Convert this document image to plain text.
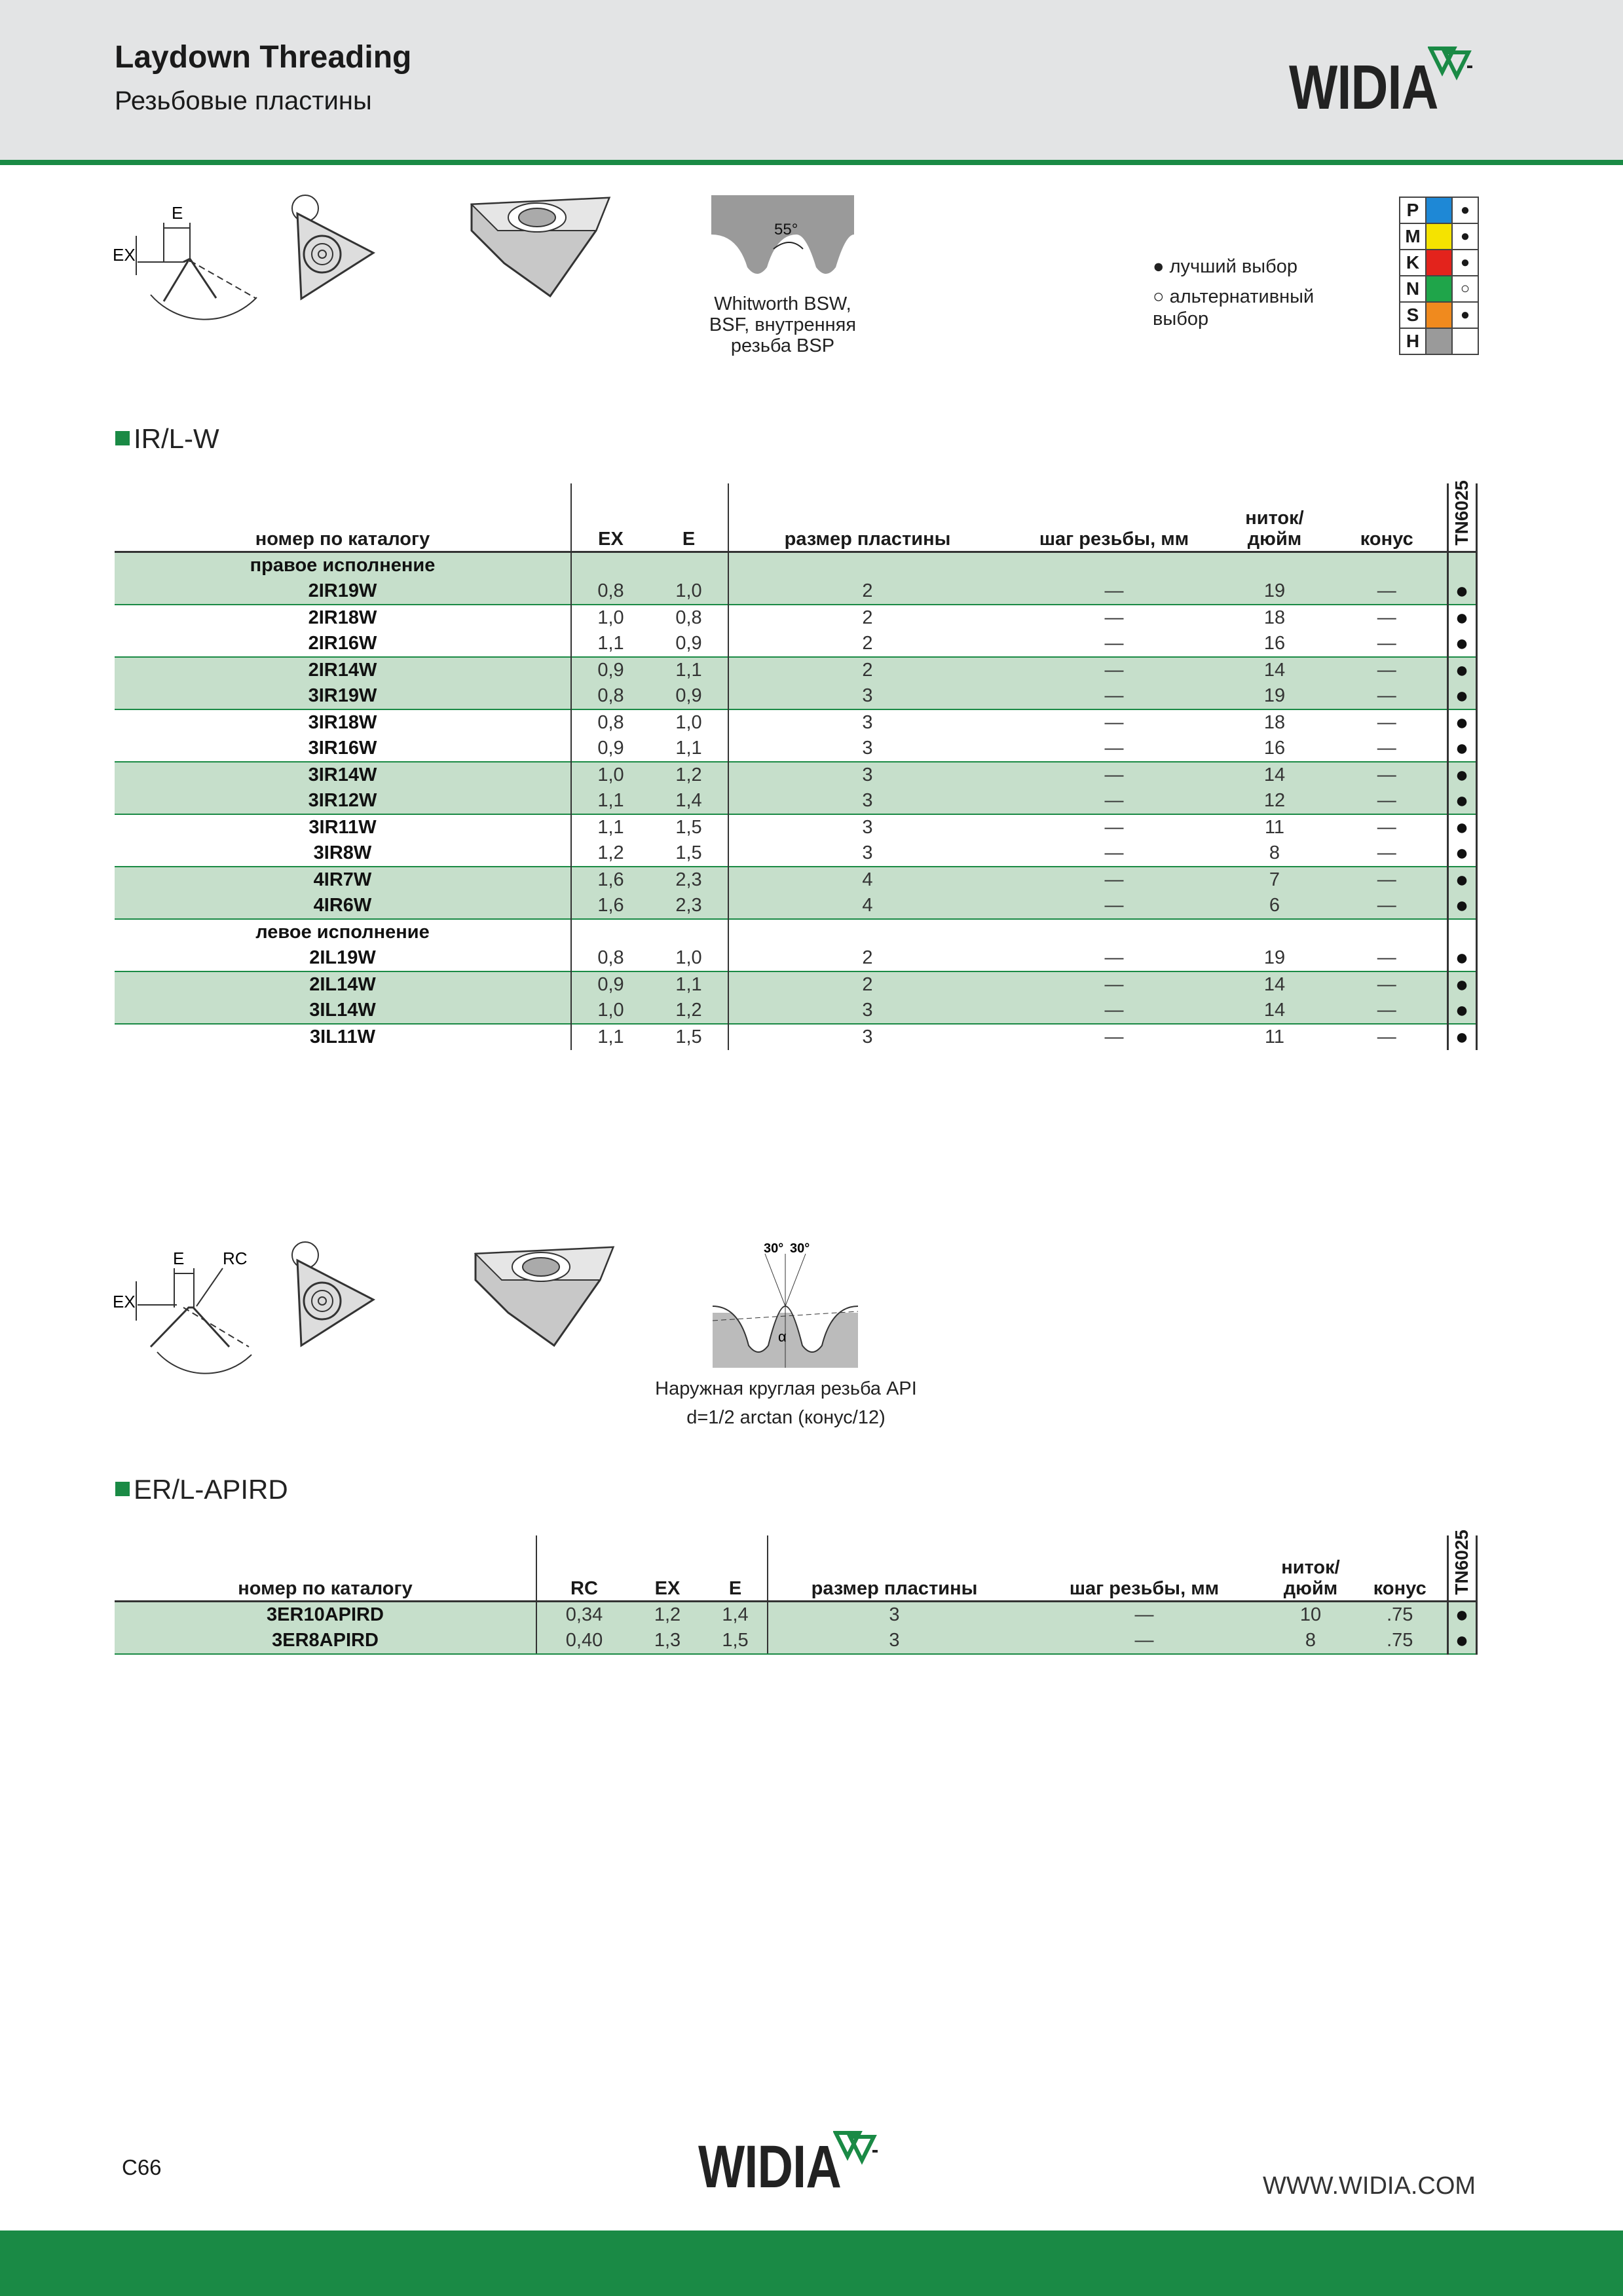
Laydown Threading
Резьбовые пластины	WIDIA
E
EX
55°
Whitworth BSW, BSF, внутренняя резьба BSP
● лучший выбор
○ альтернативный выбор
P		●
M		●
K		●
N		○
S		●
H		
IR/L-W
номер по каталогу	EX	E	размер пластины	шаг резьбы, мм	ниток/ дюйм	конус	TN6025

правое исполнение							
2IR19W	0,8	1,0	2	—	19	—	●
2IR18W	1,0	0,8	2	—	18	—	●
2IR16W	1,1	0,9	2	—	16	—	●
2IR14W	0,9	1,1	2	—	14	—	●
3IR19W	0,8	0,9	3	—	19	—	●
3IR18W	0,8	1,0	3	—	18	—	●
3IR16W	0,9	1,1	3	—	16	—	●
3IR14W	1,0	1,2	3	—	14	—	●
3IR12W	1,1	1,4	3	—	12	—	●
3IR11W	1,1	1,5	3	—	11	—	●
3IR8W	1,2	1,5	3	—	8	—	●
4IR7W	1,6	2,3	4	—	7	—	●
4IR6W	1,6	2,3	4	—	6	—	●
левое исполнение							
2IL19W	0,8	1,0	2	—	19	—	●
2IL14W	0,9	1,1	2	—	14	—	●
3IL14W	1,0	1,2	3	—	14	—	●
3IL11W	1,1	1,5	3	—	11	—	●
E RC
EX
30° 30°
α
Наружная круглая резьба API
d=1/2 arctan (конус/12)
ER/L-APIRD
номер по каталогу	RC	EX	E	размер пластины	шаг резьбы, мм	ниток/ дюйм	конус	TN6025

3ER10APIRD	0,34	1,2	1,4	3	—	10	.75	●
3ER8APIRD	0,40	1,3	1,5	3	—	8	.75	●
C66	WIDIA	WWW.WIDIA.COM
